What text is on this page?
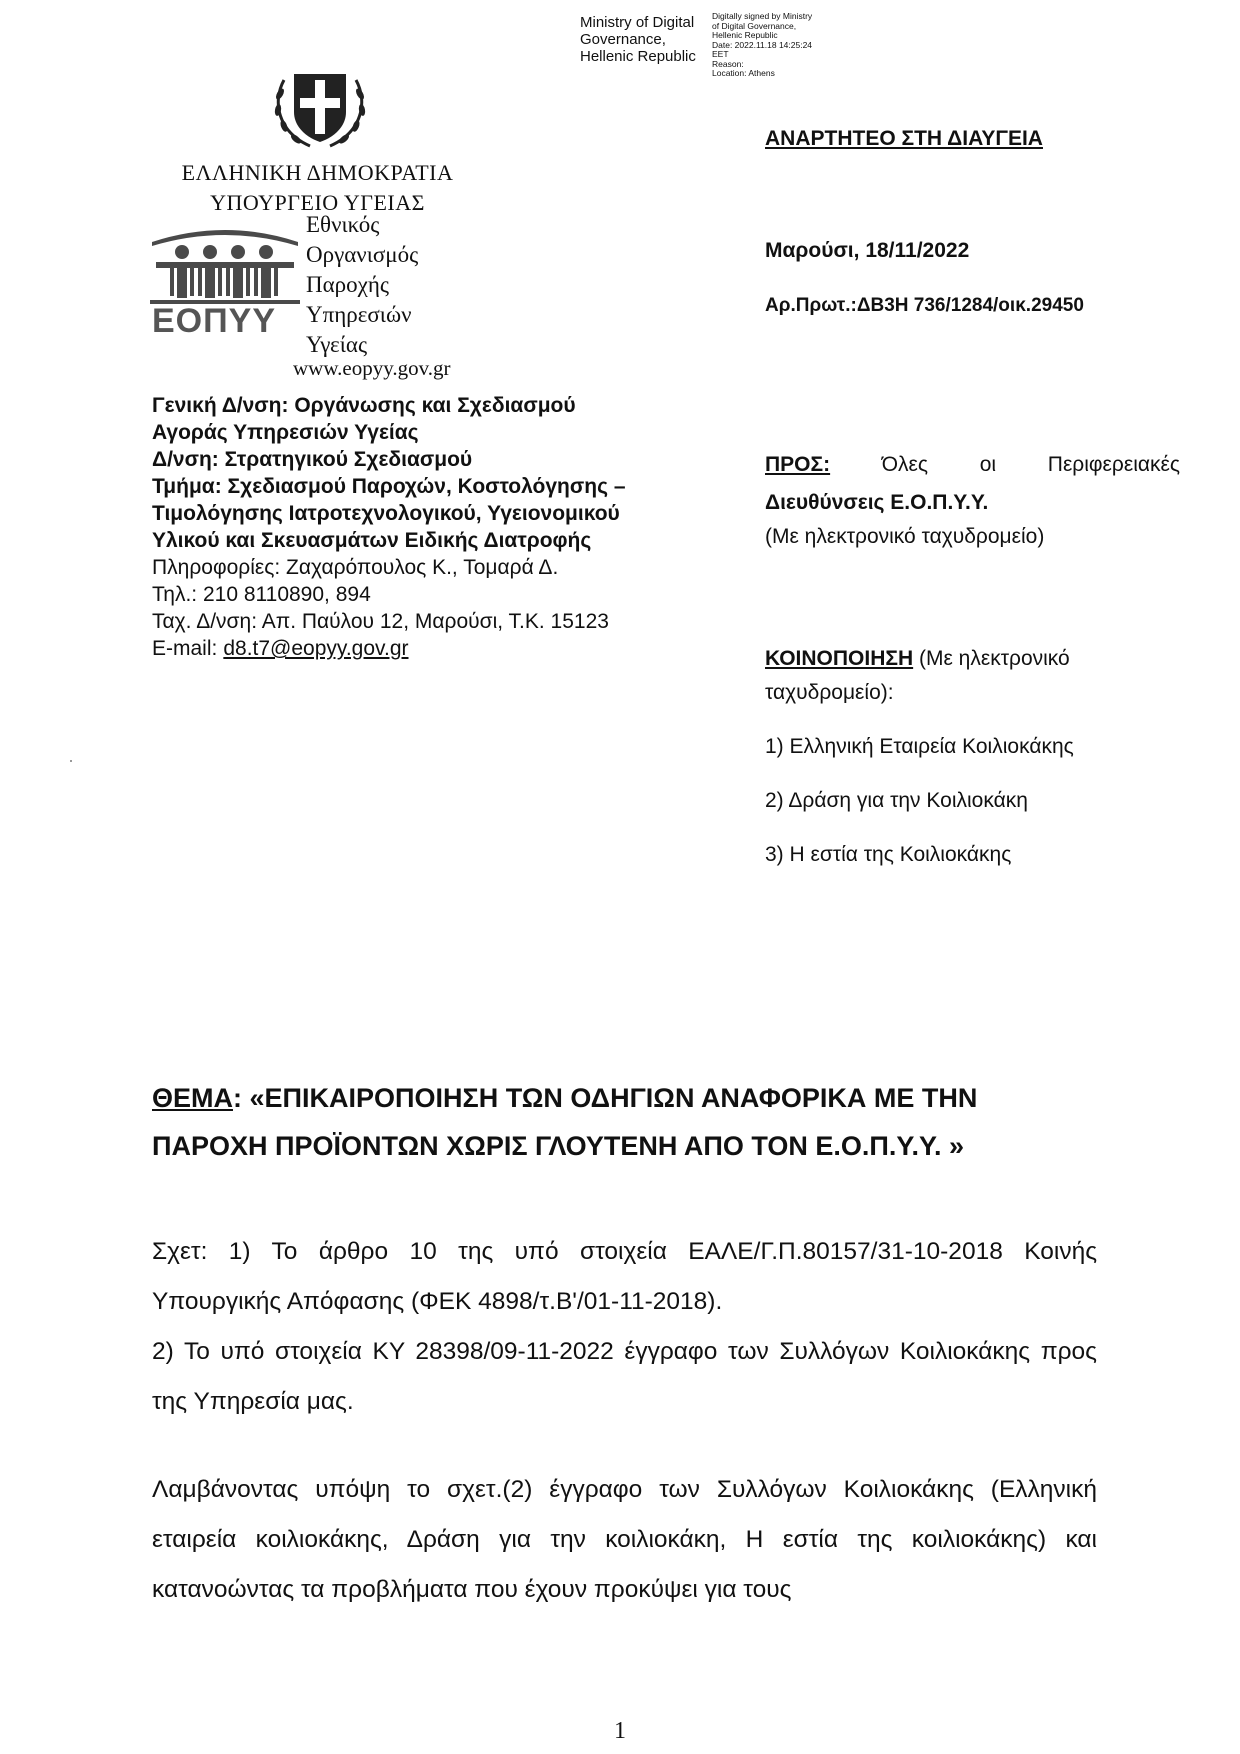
Ministry of Digital
Governance,
Hellenic Republic
Digitally signed by Ministry
of Digital Governance,
Hellenic Republic
Date: 2022.11.18 14:25:24
EET
Reason:
Location: Athens
ΕΛΛΗΝΙΚΗ ΔΗΜΟΚΡΑΤΙΑ
ΥΠΟΥΡΓΕΙΟ ΥΓΕΙΑΣ
ΕΟΠΥΥ
Εθνικός
Οργανισμός
Παροχής
Υπηρεσιών
Υγείας
www.eopyy.gov.gr
Γενική Δ/νση: Οργάνωσης και Σχεδιασμού
Αγοράς Υπηρεσιών Υγείας
Δ/νση: Στρατηγικού Σχεδιασμού
Τμήμα: Σχεδιασμού Παροχών, Κοστολόγησης –
Τιμολόγησης Ιατροτεχνολογικού, Υγειονομικού
Υλικού και Σκευασμάτων Ειδικής Διατροφής
Πληροφορίες: Ζαχαρόπουλος Κ., Τομαρά Δ.
Τηλ.: 210 8110890, 894
Ταχ. Δ/νση: Απ. Παύλου 12, Μαρούσι, Τ.Κ. 15123
E-mail: d8.t7@eopyy.gov.gr
ΑΝΑΡΤΗΤΕΟ ΣΤΗ ΔΙΑΥΓΕΙΑ
Μαρούσι, 18/11/2022
Αρ.Πρωτ.:ΔΒ3Η 736/1284/οικ.29450
ΠΡΟΣ: Όλες οι Περιφερειακές
Διευθύνσεις Ε.Ο.Π.Υ.Υ.
(Με ηλεκτρονικό ταχυδρομείο)
ΚΟΙΝΟΠΟΙΗΣΗ (Με ηλεκτρονικό
ταχυδρομείο):
1) Ελληνική Εταιρεία Κοιλιοκάκης
2) Δράση για την Κοιλιοκάκη
3) Η εστία της Κοιλιοκάκης
ΘΕΜΑ: «ΕΠΙΚΑΙΡΟΠΟΙΗΣΗ ΤΩΝ ΟΔΗΓΙΩΝ ΑΝΑΦΟΡΙΚΑ ΜΕ ΤΗΝ
ΠΑΡΟΧΗ ΠΡΟΪΟΝΤΩΝ ΧΩΡΙΣ ΓΛΟΥΤΕΝΗ ΑΠΟ ΤΟΝ Ε.Ο.Π.Υ.Υ. »
Σχετ: 1) Το άρθρο 10 της υπό στοιχεία ΕΑΛΕ/Γ.Π.80157/31-10-2018 Κοινής Υπουργικής Απόφασης (ΦΕΚ 4898/τ.Β'/01-11-2018).
2) Το υπό στοιχεία ΚΥ 28398/09-11-2022 έγγραφο των Συλλόγων Κοιλιοκάκης προς της Υπηρεσία μας.
Λαμβάνοντας υπόψη το σχετ.(2) έγγραφο των Συλλόγων Κοιλιοκάκης (Ελληνική εταιρεία κοιλιοκάκης, Δράση για την κοιλιοκάκη, Η εστία της κοιλιοκάκης) και κατανοώντας τα προβλήματα που έχουν προκύψει για τους
1
